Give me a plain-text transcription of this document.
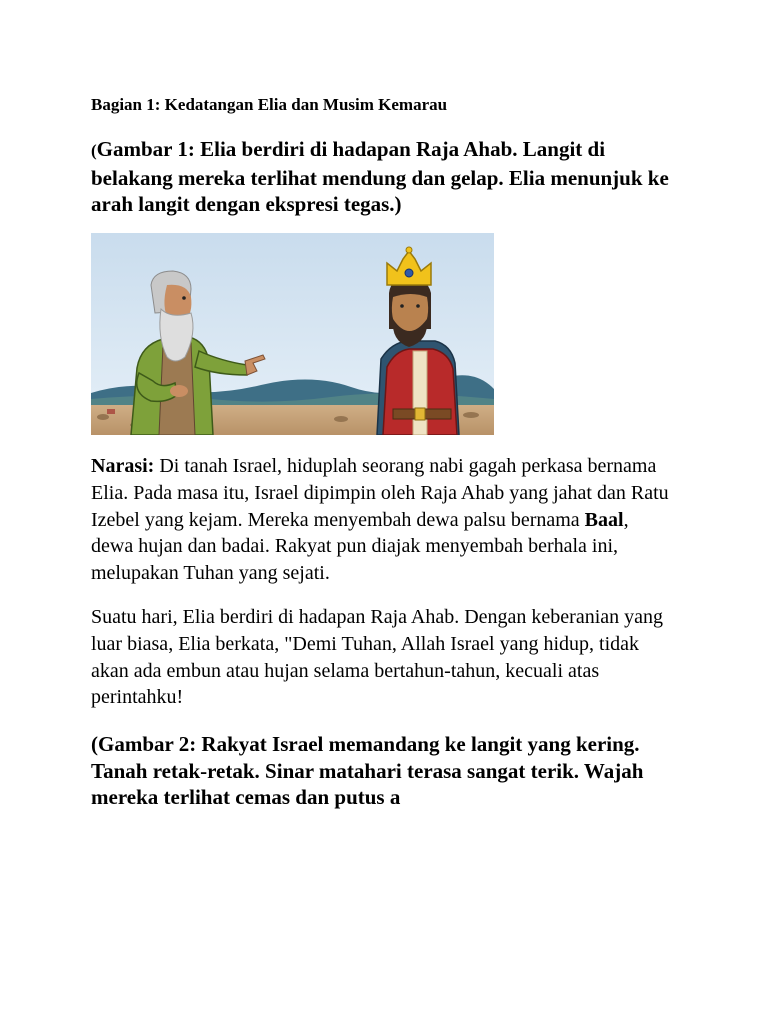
Bagian 1: Kedatangan Elia dan Musim Kemarau
(Gambar 1: Elia berdiri di hadapan Raja Ahab. Langit di belakang mereka terlihat mendung dan gelap. Elia menunjuk ke arah langit dengan ekspresi tegas.)

Narasi: Di tanah Israel, hiduplah seorang nabi gagah perkasa bernama Elia. Pada masa itu, Israel dipimpin oleh Raja Ahab yang jahat dan Ratu Izebel yang kejam. Mereka menyembah dewa palsu bernama Baal, dewa hujan dan badai. Rakyat pun diajak menyembah berhala ini, melupakan Tuhan yang sejati.

Suatu hari, Elia berdiri di hadapan Raja Ahab. Dengan keberanian yang luar biasa, Elia berkata, "Demi Tuhan, Allah Israel yang hidup, tidak akan ada embun atau hujan selama bertahun-tahun, kecuali atas perintahku!

(Gambar 2: Rakyat Israel memandang ke langit yang kering. Tanah retak-retak. Sinar matahari terasa sangat terik. Wajah mereka terlihat cemas dan putus a
